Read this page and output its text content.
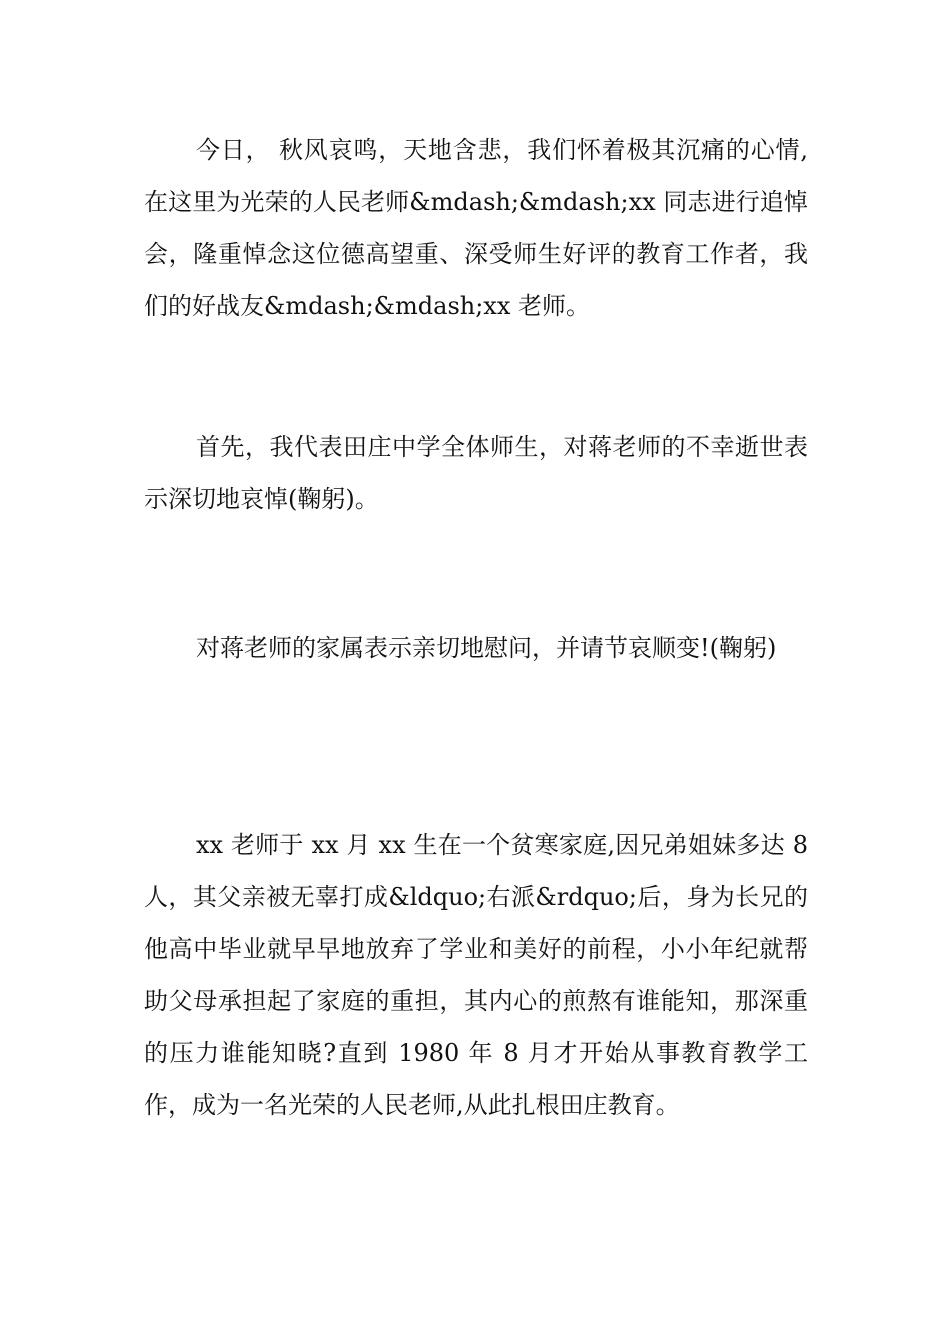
今日， 秋风哀鸣，天地含悲，我们怀着极其沉痛的心情,在这里为光荣的人民老师&mdash;&mdash;xx 同志进行追悼会，隆重悼念这位德高望重、深受师生好评的教育工作者，我们的好战友&mdash;&mdash;xx 老师。

首先，我代表田庄中学全体师生，对蒋老师的不幸逝世表示深切地哀悼(鞠躬)。

对蒋老师的家属表示亲切地慰问，并请节哀顺变!(鞠躬)

xx 老师于 xx 月 xx 生在一个贫寒家庭,因兄弟姐妹多达 8 人，其父亲被无辜打成&ldquo;右派&rdquo;后，身为长兄的他高中毕业就早早地放弃了学业和美好的前程，小小年纪就帮助父母承担起了家庭的重担，其内心的煎熬有谁能知，那深重的压力谁能知晓?直到 1980 年 8 月才开始从事教育教学工作，成为一名光荣的人民老师,从此扎根田庄教育。
